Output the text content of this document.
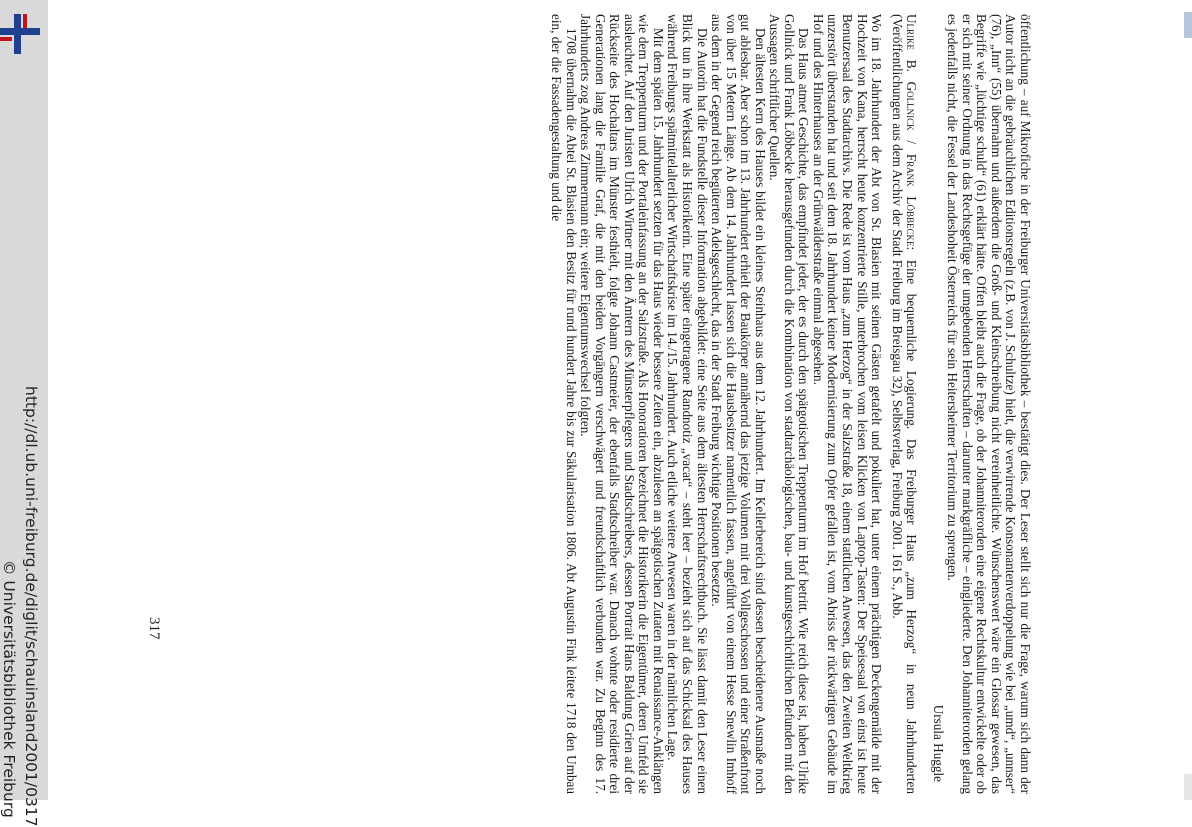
http://dl.ub.uni-freiburg.de/diglit/schauinsland2001/0317
© Universitätsbibliothek Freiburg	öffentlichung – auf Mikrofiche in der Freiburger Universitätsbibliothek – bestätigt dies. Der Leser stellt sich nur die Frage, warum sich dann der Autor nicht an die gebräuchlichen Editionsregeln (z.B. von J. Schultze) hielt, die verwirrende Konsonantenverdoppelung wie bei „umd“, „unnser“ (76), „Inn“ (55) übernahm und außerdem die Groß- und Kleinschreibung nicht vereinheitlichte. Wünschenswert wäre ein Glossar gewesen, das Begriffe wie „lüchtige schuld“ (61) erklärt hätte. Offen bleibt auch die Frage, ob der Johanniterorden eine eigene Rechtskultur entwickelte oder ob er sich mit seiner Ordnung in das Rechtsgefüge der umgebenden Herrschaften – darunter markgräfliche – eingliederte. Den Johanniterorden gelang es jedenfalls nicht, die Fessel der Landeshoheit Österreichs für sein Heitersheimer Territorium zu sprengen.

Ursula Huggle

Ulrike B. Gollnick / Frank Löbbecke: Eine bequemliche Logierung. Das Freiburger Haus „zum Herzog“ in neun Jahrhunderten (Veröffentlichungen aus dem Archiv der Stadt Freiburg im Breisgau 32), Selbstverlag, Freiburg 2001. 161 S., Abb.

Wo im 18. Jahrhundert der Abt von St. Blasien mit seinen Gästen getafelt und pokuliert hat, unter einem prächtigen Deckengemälde mit der Hochzeit von Kana, herrscht heute konzentrierte Stille, unterbrochen vom leisen Klicken von Laptop-Tasten: Der Speisesaal von einst ist heute Benutzersaal des Stadtarchivs. Die Rede ist vom Haus „zum Herzog“ in der Salzstraße 18, einem stattlichen Anwesen, das den Zweiten Weltkrieg unzerstört überstanden hat und seit dem 18. Jahrhundert keiner Modernisierung zum Opfer gefallen ist, vom Abriss der rückwärtigen Gebäude im Hof und des Hinterhauses an der Grünwälderstraße einmal abgesehen.

Das Haus atmet Geschichte, das empfindet jeder, der es durch den spätgotischen Treppenturm im Hof betritt. Wie reich diese ist, haben Ulrike Gollnick und Frank Löbbecke herausgefunden durch die Kombination von stadtarchäologischen, bau- und kunstgeschichtlichen Befunden mit den Aussagen schriftlicher Quellen.

Den ältesten Kern des Hauses bildet ein kleines Steinhaus aus dem 12. Jahrhundert. Im Kellerbereich sind dessen bescheidenere Ausmaße noch gut ablesbar. Aber schon im 13. Jahrhundert erhielt der Baukörper annähernd das jetzige Volumen mit drei Vollgeschossen und einer Straßenfront von über 15 Metern Länge. Ab dem 14. Jahrhundert lassen sich die Hausbesitzer namentlich fassen, angeführt von einem Hesse Snewlin Imhoff aus dem in der Gegend reich begüterten Adelsgeschlecht, das in der Stadt Freiburg wichtige Positionen besetzte.

Die Autorin hat die Fundstelle dieser Information abgebildet: eine Seite aus dem ältesten Herrschaftsrechtbuch. Sie lässt damit den Leser einen Blick tun in ihre Werkstatt als Historikerin. Eine später eingetragene Randnotiz „vacat“ – steht leer – bezieht sich auf das Schicksal des Hauses während Freiburgs spätmittelalterlicher Wirtschaftskrise im 14./15. Jahrhundert. Auch etliche weitere Anwesen waren in der nämlichen Lage.

Mit dem späten 15. Jahrhundert setzten für das Haus wieder bessere Zeiten ein, abzulesen an spätgotischen Zutaten mit Renaissance-Anklängen wie dem Treppenturm und der Portaleinfassung an der Salzstraße. Als Honoratioren bezeichnet die Historikerin die Eigentümer, deren Umfeld sie ausleuchtet. Auf den Juristen Ulrich Wirtner mit den Ämtern des Münsterpflegers und Stadtschreibers, dessen Portrait Hans Baldung Grien auf der Rückseite des Hochaltars im Münster festhielt, folgte Johann Castmeier, der ebenfalls Stadtschreiber war. Danach wohnte oder residierte drei Generationen lang die Familie Graf, die mit den beiden Vorgängern verschwägert und freundschaftlich verbunden war. Zu Beginn des 17. Jahrhunderts zog Andreas Zimmermann ein; weitere Eigentumswechsel folgten.

1708 übernahm die Abtei St. Blasien den Besitz für rund hundert Jahre bis zur Säkularisation 1806. Abt Augustin Fink leitete 1718 den Umbau ein, der die Fassadengestaltung und die

317
